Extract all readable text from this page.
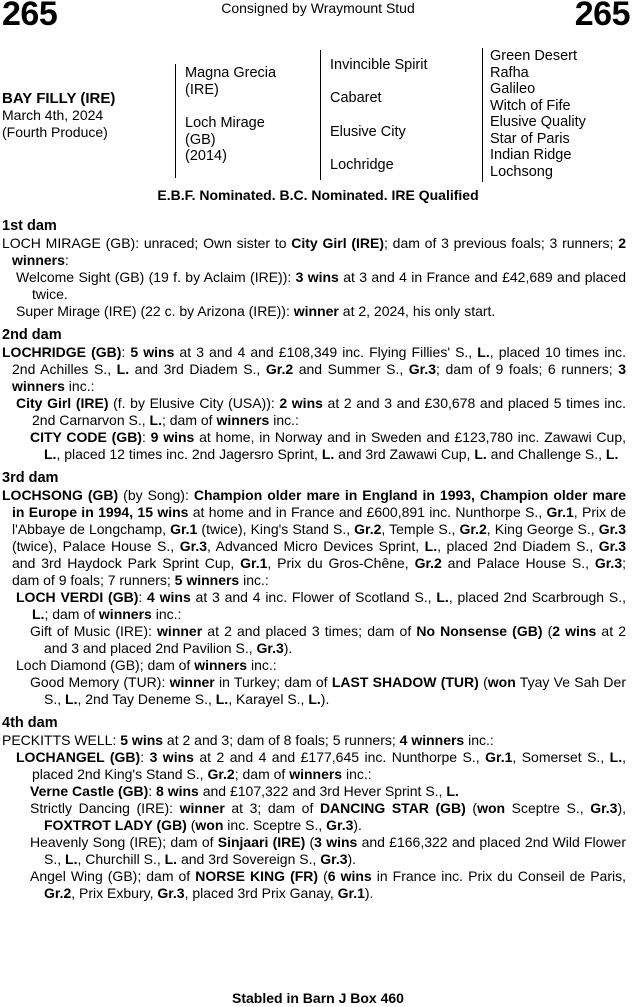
265	Consigned by Wraymount Stud	265
BAY FILLY (IRE)
March 4th, 2024
(Fourth Produce)
Magna Grecia
(IRE)
Loch Mirage
(GB)
(2014)
Invincible Spirit
Cabaret
Elusive City
Lochridge
Green Desert
Rafha
Galileo
Witch of Fife
Elusive Quality
Star of Paris
Indian Ridge
Lochsong
E.B.F. Nominated. B.C. Nominated. IRE Qualified
1st dam

LOCH MIRAGE (GB): unraced; Own sister to City Girl (IRE); dam of 3 previous foals; 3 runners; 2 winners:

Welcome Sight (GB) (19 f. by Aclaim (IRE)): 3 wins at 3 and 4 in France and £42,689 and placed twice.

Super Mirage (IRE) (22 c. by Arizona (IRE)): winner at 2, 2024, his only start.

2nd dam

LOCHRIDGE (GB): 5 wins at 3 and 4 and £108,349 inc. Flying Fillies' S., L., placed 10 times inc. 2nd Achilles S., L. and 3rd Diadem S., Gr.2 and Summer S., Gr.3; dam of 9 foals; 6 runners; 3 winners inc.:

City Girl (IRE) (f. by Elusive City (USA)): 2 wins at 2 and 3 and £30,678 and placed 5 times inc. 2nd Carnarvon S., L.; dam of winners inc.:

CITY CODE (GB): 9 wins at home, in Norway and in Sweden and £123,780 inc. Zawawi Cup, L., placed 12 times inc. 2nd Jagersro Sprint, L. and 3rd Zawawi Cup, L. and Challenge S., L.

3rd dam

LOCHSONG (GB) (by Song): Champion older mare in England in 1993, Champion older mare in Europe in 1994, 15 wins at home and in France and £600,891 inc. Nunthorpe S., Gr.1, Prix de l'Abbaye de Longchamp, Gr.1 (twice), King's Stand S., Gr.2, Temple S., Gr.2, King George S., Gr.3 (twice), Palace House S., Gr.3, Advanced Micro Devices Sprint, L., placed 2nd Diadem S., Gr.3 and 3rd Haydock Park Sprint Cup, Gr.1, Prix du Gros-Chêne, Gr.2 and Palace House S., Gr.3; dam of 9 foals; 7 runners; 5 winners inc.:

LOCH VERDI (GB): 4 wins at 3 and 4 inc. Flower of Scotland S., L., placed 2nd Scarbrough S., L.; dam of winners inc.:

Gift of Music (IRE): winner at 2 and placed 3 times; dam of No Nonsense (GB) (2 wins at 2 and 3 and placed 2nd Pavilion S., Gr.3).

Loch Diamond (GB); dam of winners inc.:

Good Memory (TUR): winner in Turkey; dam of LAST SHADOW (TUR) (won Tyay Ve Sah Der S., L., 2nd Tay Deneme S., L., Karayel S., L.).

4th dam

PECKITTS WELL: 5 wins at 2 and 3; dam of 8 foals; 5 runners; 4 winners inc.:

LOCHANGEL (GB): 3 wins at 2 and 4 and £177,645 inc. Nunthorpe S., Gr.1, Somerset S., L., placed 2nd King's Stand S., Gr.2; dam of winners inc.:

Verne Castle (GB): 8 wins and £107,322 and 3rd Hever Sprint S., L.

Strictly Dancing (IRE): winner at 3; dam of DANCING STAR (GB) (won Sceptre S., Gr.3), FOXTROT LADY (GB) (won inc. Sceptre S., Gr.3).

Heavenly Song (IRE); dam of Sinjaari (IRE) (3 wins and £166,322 and placed 2nd Wild Flower S., L., Churchill S., L. and 3rd Sovereign S., Gr.3).

Angel Wing (GB); dam of NORSE KING (FR) (6 wins in France inc. Prix du Conseil de Paris, Gr.2, Prix Exbury, Gr.3, placed 3rd Prix Ganay, Gr.1).

Stabled in Barn J Box 460
